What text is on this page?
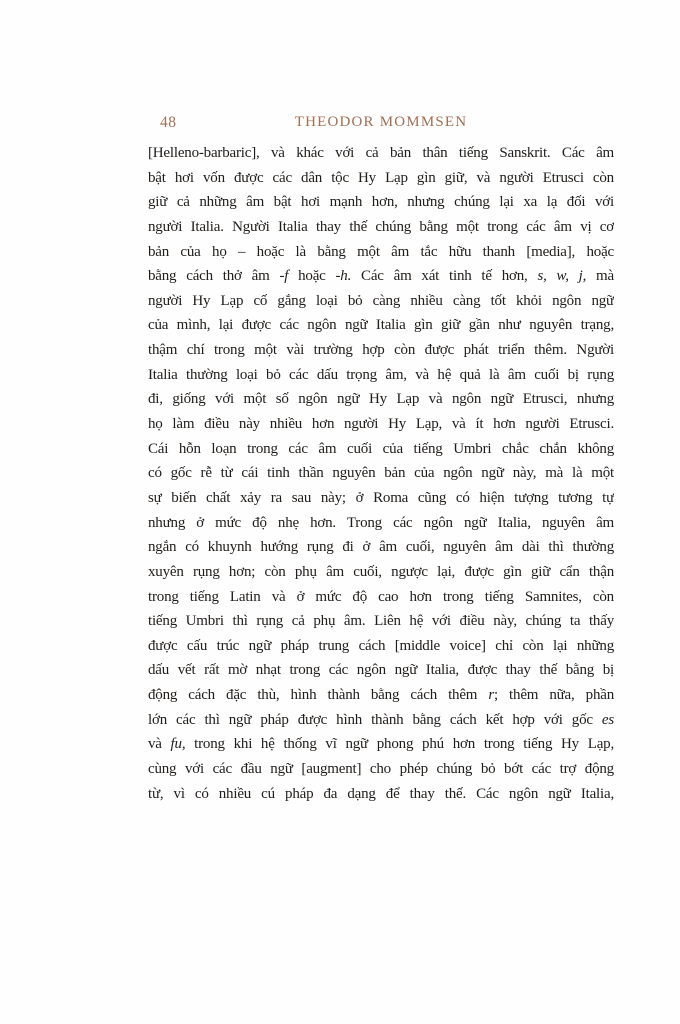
48	THEODOR MOMMSEN
[Helleno-barbaric], và khác với cả bản thân tiếng Sanskrit. Các âm
bật hơi vốn được các dân tộc Hy Lạp gìn giữ, và người Etrusci còn
giữ cả những âm bật hơi mạnh hơn, nhưng chúng lại xa lạ đối với
người Italia. Người Italia thay thế chúng bằng một trong các âm vị cơ
bản của họ – hoặc là bằng một âm tắc hữu thanh [media], hoặc
bằng cách thở âm -f hoặc -h. Các âm xát tinh tế hơn, s, w, j, mà
người Hy Lạp cố gắng loại bỏ càng nhiều càng tốt khỏi ngôn ngữ
của mình, lại được các ngôn ngữ Italia gìn giữ gần như nguyên trạng,
thậm chí trong một vài trường hợp còn được phát triển thêm. Người
Italia thường loại bỏ các dấu trọng âm, và hệ quả là âm cuối bị rụng
đi, giống với một số ngôn ngữ Hy Lạp và ngôn ngữ Etrusci, nhưng
họ làm điều này nhiều hơn người Hy Lạp, và ít hơn người Etrusci.
Cái hỗn loạn trong các âm cuối của tiếng Umbri chắc chắn không
có gốc rễ từ cái tinh thần nguyên bản của ngôn ngữ này, mà là một
sự biến chất xảy ra sau này; ở Roma cũng có hiện tượng tương tự
nhưng ở mức độ nhẹ hơn. Trong các ngôn ngữ Italia, nguyên âm
ngắn có khuynh hướng rụng đi ở âm cuối, nguyên âm dài thì thường
xuyên rụng hơn; còn phụ âm cuối, ngược lại, được gìn giữ cẩn thận
trong tiếng Latin và ở mức độ cao hơn trong tiếng Samnites, còn
tiếng Umbri thì rụng cả phụ âm. Liên hệ với điều này, chúng ta thấy
được cấu trúc ngữ pháp trung cách [middle voice] chỉ còn lại những
dấu vết rất mờ nhạt trong các ngôn ngữ Italia, được thay thế bằng bị
động cách đặc thù, hình thành bằng cách thêm r; thêm nữa, phần
lớn các thì ngữ pháp được hình thành bằng cách kết hợp với gốc es
và fu, trong khi hệ thống vĩ ngữ phong phú hơn trong tiếng Hy Lạp,
cùng với các đầu ngữ [augment] cho phép chúng bỏ bớt các trợ động
từ, vì có nhiều cú pháp đa dạng để thay thế. Các ngôn ngữ Italia,
